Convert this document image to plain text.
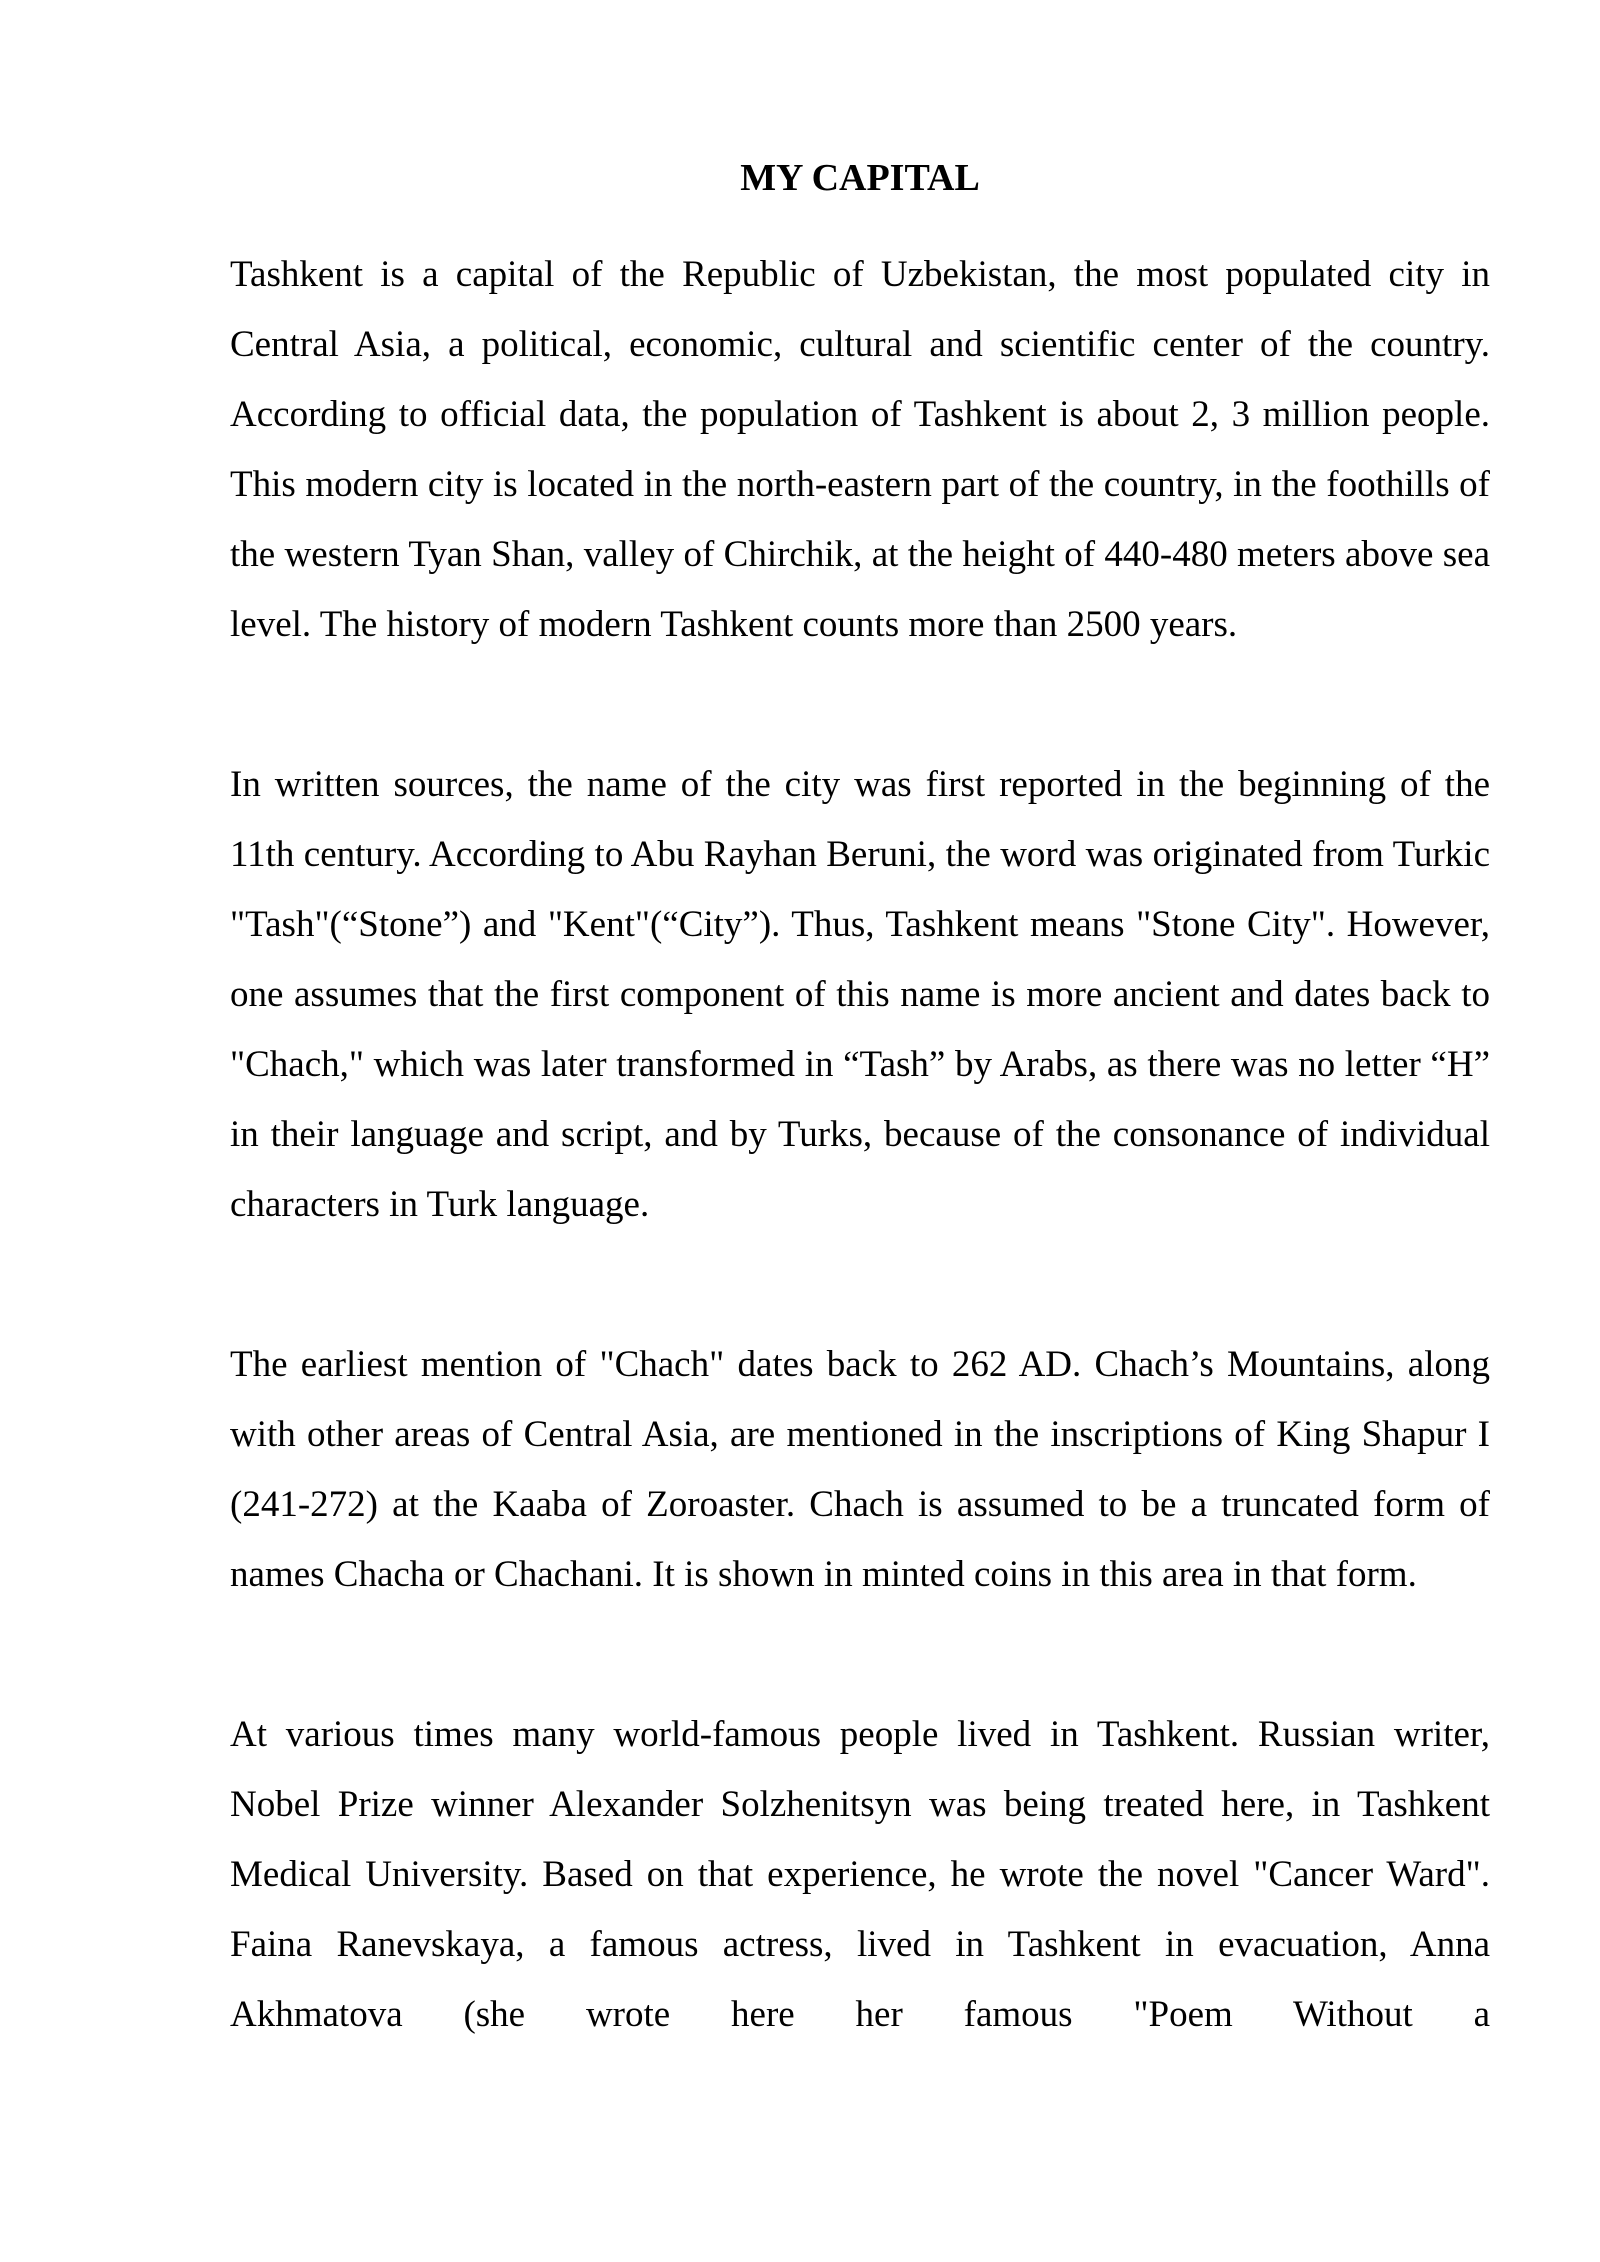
MY CAPITAL

Tashkent is a capital of the Republic of Uzbekistan, the most populated city in Central Asia, a political, economic, cultural and scientific center of the country. According to official data, the population of Tashkent is about 2, 3 million people. This modern city is located in the north-eastern part of the country, in the foothills of the western Tyan Shan, valley of Chirchik, at the height of 440-480 meters above sea level. The history of modern Tashkent counts more than 2500 years.

In written sources, the name of the city was first reported in the beginning of the 11th century. According to Abu Rayhan Beruni, the word was originated from Turkic "Tash"(“Stone”) and "Kent"(“City”). Thus, Tashkent means "Stone City". However, one assumes that the first component of this name is more ancient and dates back to "Chach," which was later transformed in “Tash” by Arabs, as there was no letter “H” in their language and script, and by Turks, because of the consonance of individual characters in Turk language.

The earliest mention of "Chach" dates back to 262 AD. Chach’s Mountains, along with other areas of Central Asia, are mentioned in the inscriptions of King Shapur I (241-272) at the Kaaba of Zoroaster. Chach is assumed to be a truncated form of names Chacha or Chachani. It is shown in minted coins in this area in that form.

At various times many world-famous people lived in Tashkent. Russian writer, Nobel Prize winner Alexander Solzhenitsyn was being treated here, in Tashkent Medical University. Based on that experience, he wrote the novel "Cancer Ward". Faina Ranevskaya, a famous actress, lived in Tashkent in evacuation, Anna Akhmatova (she wrote here her famous "Poem Without a
